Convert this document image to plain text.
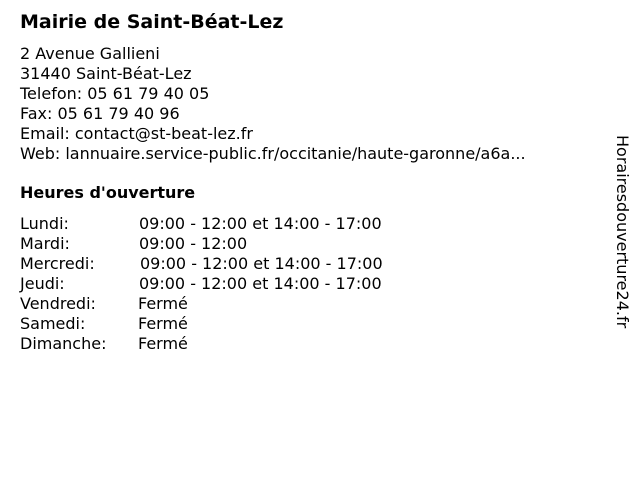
Mairie de Saint-Béat-Lez
2 Avenue Gallieni
31440 Saint-Béat-Lez
Telefon: 05 61 79 40 05
Fax: 05 61 79 40 96
Email: contact@st-beat-lez.fr
Web: lannuaire.service-public.fr/occitanie/haute-garonne/a6a...
Heures d'ouverture
Lundi:	09:00 - 12:00 et 14:00 - 17:00
Mardi:	09:00 - 12:00
Mercredi:	09:00 - 12:00 et 14:00 - 17:00
Jeudi:	09:00 - 12:00 et 14:00 - 17:00
Vendredi:	Fermé
Samedi:	Fermé
Dimanche:	Fermé
Horairesdouverture24.fr
